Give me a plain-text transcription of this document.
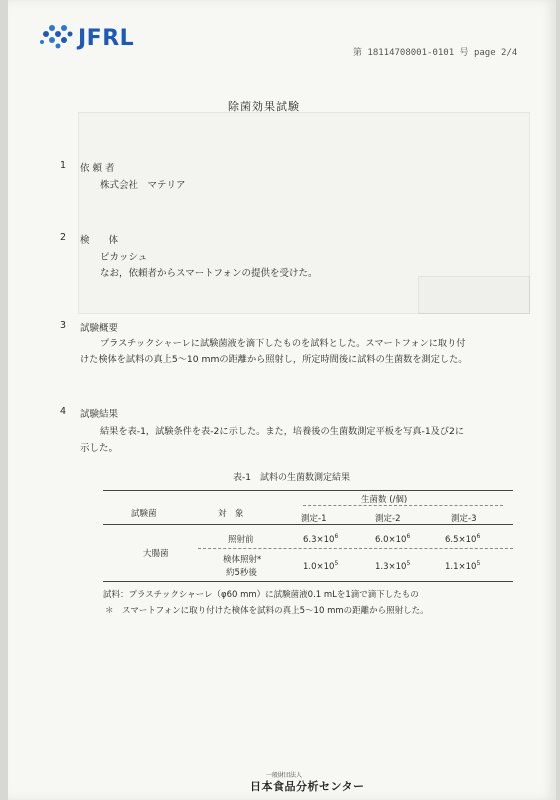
JFRL
第 18114708001-0101 号 page 2/4
除菌効果試験
1 依 頼 者
株式会社　マテリア
2 検　　体
ピカッシュ
なお，依頼者からスマートフォンの提供を受けた。
3 試験概要
プラスチックシャーレに試験菌液を滴下したものを試料とした。スマートフォンに取り付
けた検体を試料の真上5～10 mmの距離から照射し，所定時間後に試料の生菌数を測定した。
4 試験結果
結果を表-1，試験条件を表-2に示した。また，培養後の生菌数測定平板を写真-1及び2に
示した。
表-1　試料の生菌数測定結果
試験菌	対　象
生菌数 (/個)
測定-1	測定-2	測定-3
大腸菌
照射前	$6.3\times 10^6$	$6.0\times 10^6$	$6.5\times 10^6$
検体照射*
約5秒後
$1.0\times 10^5$	$1.3\times 10^5$	$1.1\times 10^5$
試料：プラスチックシャーレ（φ60 mm）に試験菌液0.1 mLを1滴で滴下したもの
＊　スマートフォンに取り付けた検体を試料の真上5～10 mmの距離から照射した。
一般財団法人
日本食品分析センター
